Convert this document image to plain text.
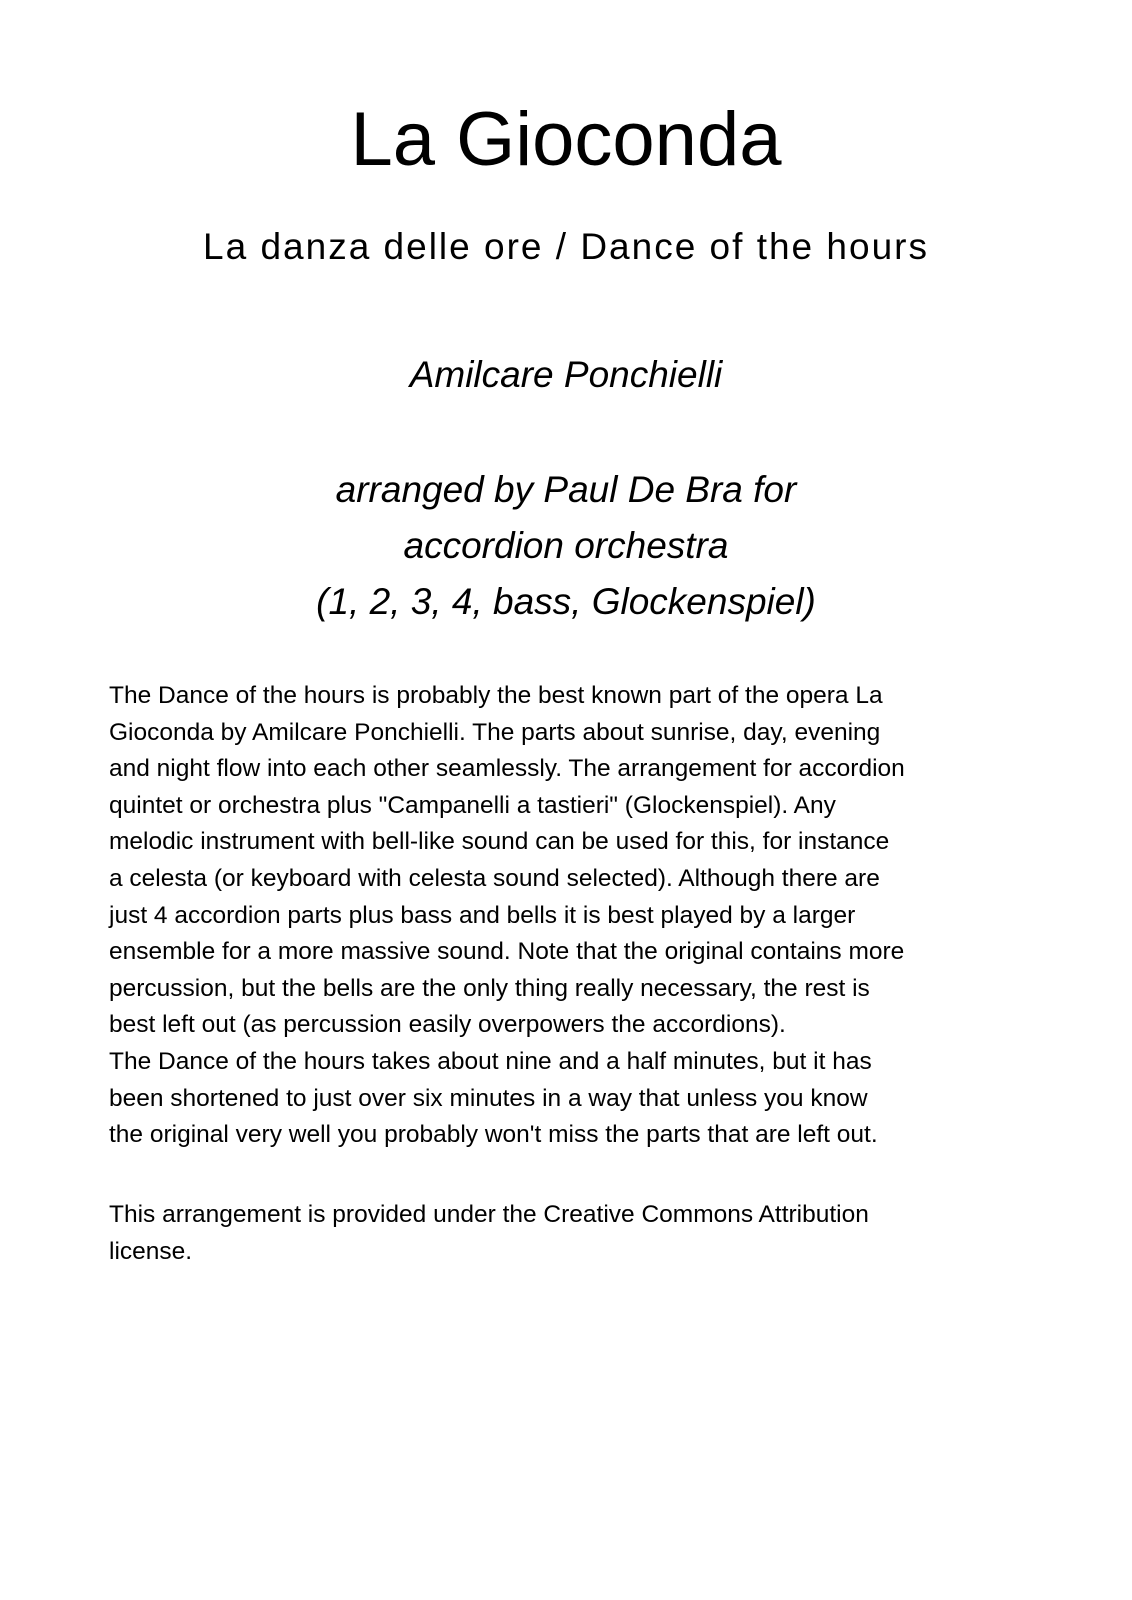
La Gioconda
La danza delle ore / Dance of the hours
Amilcare Ponchielli
arranged by Paul De Bra for
accordion orchestra
(1, 2, 3, 4, bass, Glockenspiel)
The Dance of the hours is probably the best known part of the opera La
Gioconda by Amilcare Ponchielli. The parts about sunrise, day, evening
and night flow into each other seamlessly. The arrangement for accordion
quintet or orchestra plus "Campanelli a tastieri" (Glockenspiel). Any
melodic instrument with bell-like sound can be used for this, for instance
a celesta (or keyboard with celesta sound selected). Although there are
just 4 accordion parts plus bass and bells it is best played by a larger
ensemble for a more massive sound. Note that the original contains more
percussion, but the bells are the only thing really necessary, the rest is
best left out (as percussion easily overpowers the accordions).
The Dance of the hours takes about nine and a half minutes, but it has
been shortened to just over six minutes in a way that unless you know
the original very well you probably won't miss the parts that are left out.
This arrangement is provided under the Creative Commons Attribution
license.
